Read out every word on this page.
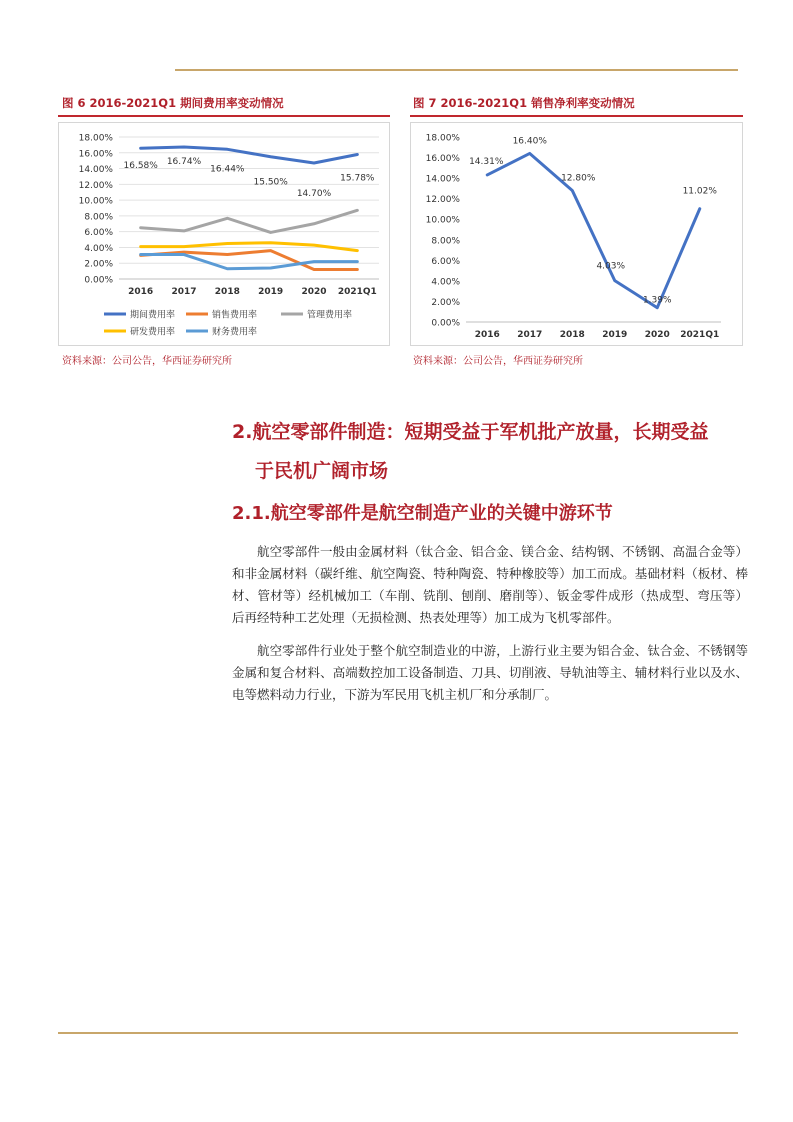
图 6 2016-2021Q1 期间费用率变动情况
0.00%
2.00%
4.00%
6.00%
8.00%
10.00%
12.00%
14.00%
16.00%
18.00%
2016 2017 2018 2019 2020 2021Q1
16.58% 16.74%
16.44%
15.50%
14.70%
15.78%
期间费用率	销售费用率	管理费用率
研发费用率	财务费用率
资料来源：公司公告，华西证券研究所
图 7 2016-2021Q1 销售净利率变动情况
0.00%
2.00%
4.00%
6.00%
8.00%
10.00%
12.00%
14.00%
16.00%
18.00%
2016 2017 2018 2019 2020 2021Q1
14.31%
16.40%
12.80%
4.03%
1.39%
11.02%
资料来源：公司公告，华西证券研究所
2.航空零部件制造：短期受益于军机批产放量，长期受益
于民机广阔市场
2.1.航空零部件是航空制造产业的关键中游环节
航空零部件一般由金属材料（钛合金、铝合金、镁合金、结构钢、不锈钢、高温合金等）和非金属材料（碳纤维、航空陶瓷、特种陶瓷、特种橡胶等）加工而成。基础材料（板材、棒材、管材等）经机械加工（车削、铣削、刨削、磨削等）、钣金零件成形（热成型、弯压等）后再经特种工艺处理（无损检测、热表处理等）加工成为飞机零部件。
航空零部件行业处于整个航空制造业的中游，上游行业主要为铝合金、钛合金、不锈钢等金属和复合材料、高端数控加工设备制造、刀具、切削液、导轨油等主、辅材料行业以及水、电等燃料动力行业，下游为军民用飞机主机厂和分承制厂。
